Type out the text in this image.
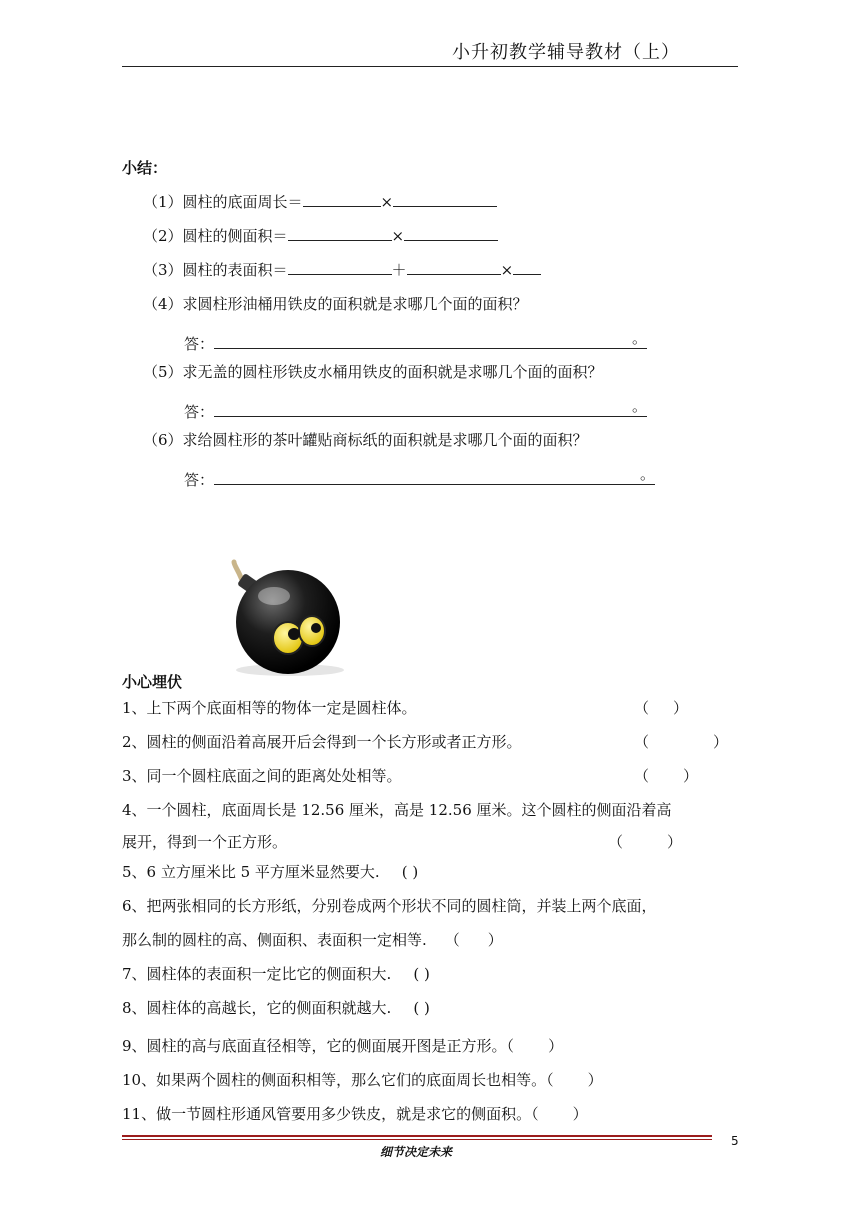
小升初教学辅导教材（上）
小结：
（1）圆柱的底面周长＝	×
（2）圆柱的侧面积＝	×
（3）圆柱的表面积＝	＋	×
（4）求圆柱形油桶用铁皮的面积就是求哪几个面的面积？
答：	。
（5）求无盖的圆柱形铁皮水桶用铁皮的面积就是求哪几个面的面积？
答：	。
（6）求给圆柱形的茶叶罐贴商标纸的面积就是求哪几个面的面积？
答：	。
小心埋伏
1、上下两个底面相等的物体一定是圆柱体。	（ ）
2、圆柱的侧面沿着高展开后会得到一个长方形或者正方形。	（	）
3、同一个圆柱底面之间的距离处处相等。	（ ）
4、一个圆柱，底面周长是 12.56 厘米，高是 12.56 厘米。这个圆柱的侧面沿着高
展开，得到一个正方形。	（	）
5、6 立方厘米比 5 平方厘米显然要大. ( )
6、把两张相同的长方形纸，分别卷成两个形状不同的圆柱筒，并装上两个底面，
那么制的圆柱的高、侧面积、表面积一定相等. （ ）
7、圆柱体的表面积一定比它的侧面积大. ( )
8、圆柱体的高越长，它的侧面积就越大. ( )
9、圆柱的高与底面直径相等，它的侧面展开图是正方形。（ ）
10、如果两个圆柱的侧面积相等，那么它们的底面周长也相等。（ ）
11、做一节圆柱形通风管要用多少铁皮，就是求它的侧面积。（ ）
细节决定未来
5
